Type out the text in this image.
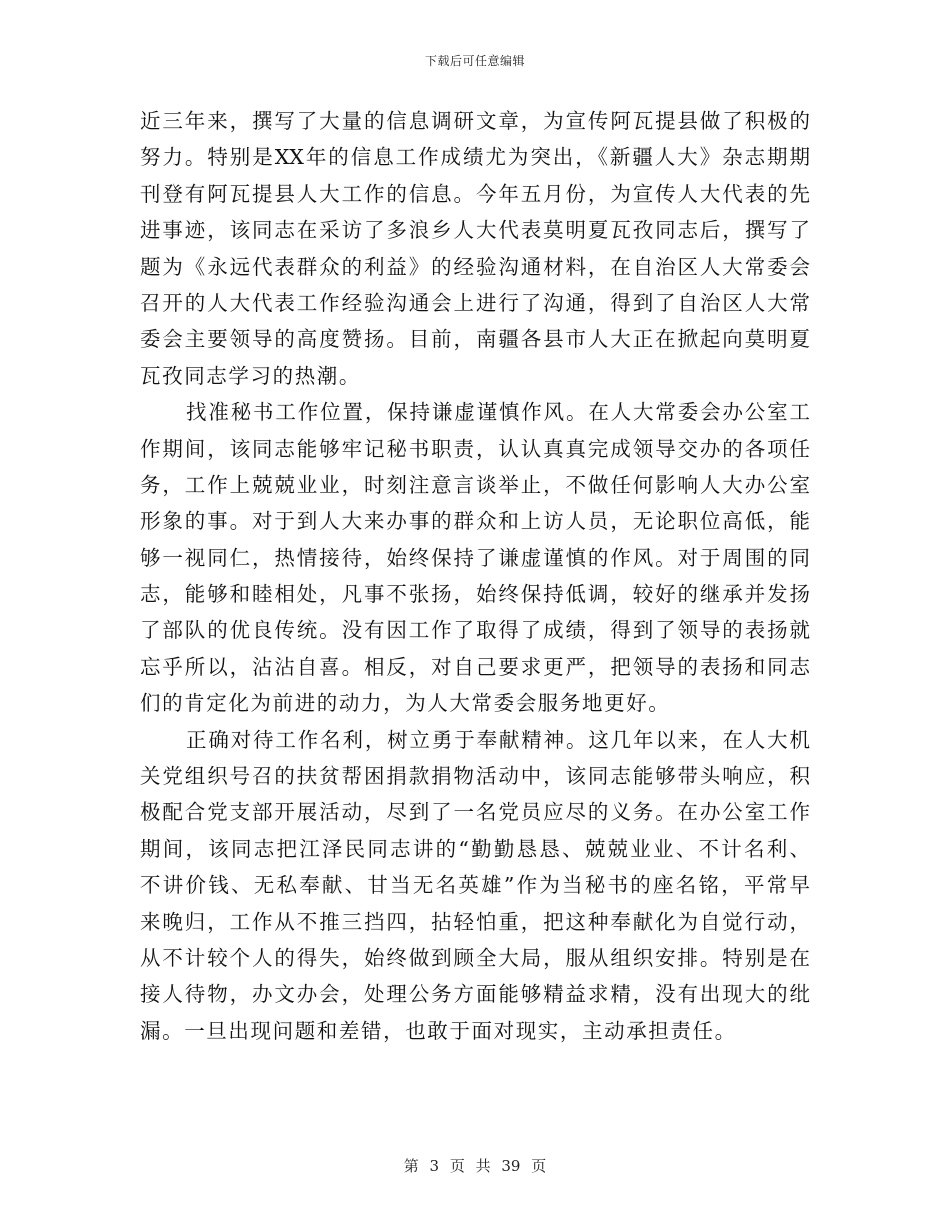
下载后可任意编辑
近三年来，撰写了大量的信息调研文章，为宣传阿瓦提县做了积极的
努力。特别是XX年的信息工作成绩尤为突出，《新疆人大》杂志期期
刊登有阿瓦提县人大工作的信息。今年五月份，为宣传人大代表的先
进事迹，该同志在采访了多浪乡人大代表莫明夏瓦孜同志后，撰写了
题为《永远代表群众的利益》的经验沟通材料，在自治区人大常委会
召开的人大代表工作经验沟通会上进行了沟通，得到了自治区人大常
委会主要领导的高度赞扬。目前，南疆各县市人大正在掀起向莫明夏
瓦孜同志学习的热潮。
找准秘书工作位置，保持谦虚谨慎作风。在人大常委会办公室工
作期间，该同志能够牢记秘书职责，认认真真完成领导交办的各项任
务，工作上兢兢业业，时刻注意言谈举止，不做任何影响人大办公室
形象的事。对于到人大来办事的群众和上访人员，无论职位高低，能
够一视同仁，热情接待，始终保持了谦虚谨慎的作风。对于周围的同
志，能够和睦相处，凡事不张扬，始终保持低调，较好的继承并发扬
了部队的优良传统。没有因工作了取得了成绩，得到了领导的表扬就
忘乎所以，沾沾自喜。相反，对自己要求更严，把领导的表扬和同志
们的肯定化为前进的动力，为人大常委会服务地更好。
正确对待工作名利，树立勇于奉献精神。这几年以来，在人大机
关党组织号召的扶贫帮困捐款捐物活动中，该同志能够带头响应，积
极配合党支部开展活动，尽到了一名党员应尽的义务。在办公室工作
期间，该同志把江泽民同志讲的“勤勤恳恳、兢兢业业、不计名利、
不讲价钱、无私奉献、甘当无名英雄”作为当秘书的座名铭，平常早
来晚归，工作从不推三挡四，拈轻怕重，把这种奉献化为自觉行动，
从不计较个人的得失，始终做到顾全大局，服从组织安排。特别是在
接人待物，办文办会，处理公务方面能够精益求精，没有出现大的纰
漏。一旦出现问题和差错，也敢于面对现实，主动承担责任。
第 3 页 共 39 页
